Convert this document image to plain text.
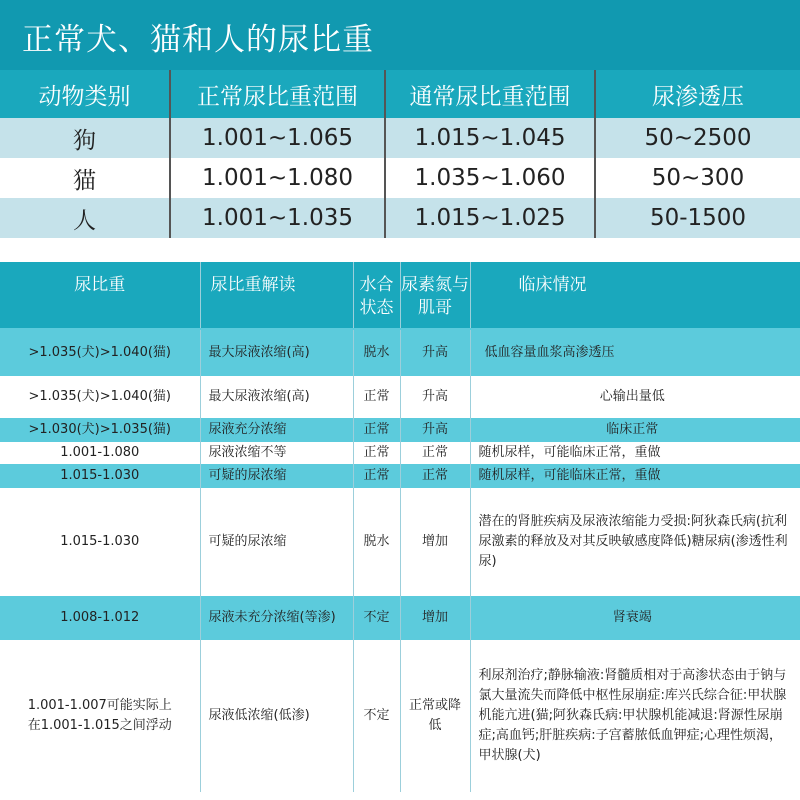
正常犬、猫和人的尿比重
动物类别	正常尿比重范围	通常尿比重范围	尿渗透压
狗	1.001~1.065	1.015~1.045	50~2500
猫	1.001~1.080	1.035~1.060	50~300
人	1.001~1.035	1.015~1.025	50-1500
尿比重	尿比重解读	水合状态	尿素氮与肌哥	临床情况

>1.035(犬)>1.040(猫)	最大尿液浓缩(高)	脱水	升高	低血容量血浆高渗透压
>1.035(犬)>1.040(猫)	最大尿液浓缩(高)	正常	升高	心输出量低
>1.030(犬)>1.035(猫)	尿液充分浓缩	正常	升高	临床正常
1.001-1.080	尿液浓缩不等	正常	正常	随机尿样，可能临床正常，重做
1.015-1.030	可疑的尿浓缩	正常	正常	随机尿样，可能临床正常，重做
1.015-1.030	可疑的尿浓缩	脱水	增加	潜在的肾脏疾病及尿液浓缩能力受损:阿狄森氏病(抗利尿激素的释放及对其反映敏感度降低)糖尿病(渗透性利尿)
1.008-1.012	尿液未充分浓缩(等渗)	不定	增加	肾衰竭
1.001-1.007可能实际上在1.001-1.015之间浮动	尿液低浓缩(低渗)	不定	正常或降低	利尿剂治疗;静脉输液:肾髓质相对于高渗状态由于钠与氯大量流失而降低中枢性尿崩症:库兴氏综合征:甲状腺机能亢进(猫;阿狄森氏病:甲状腺机能减退:肾源性尿崩症;高血钙;肝脏疾病:子宫蓄脓低血钾症;心理性烦渴，甲状腺(犬)
